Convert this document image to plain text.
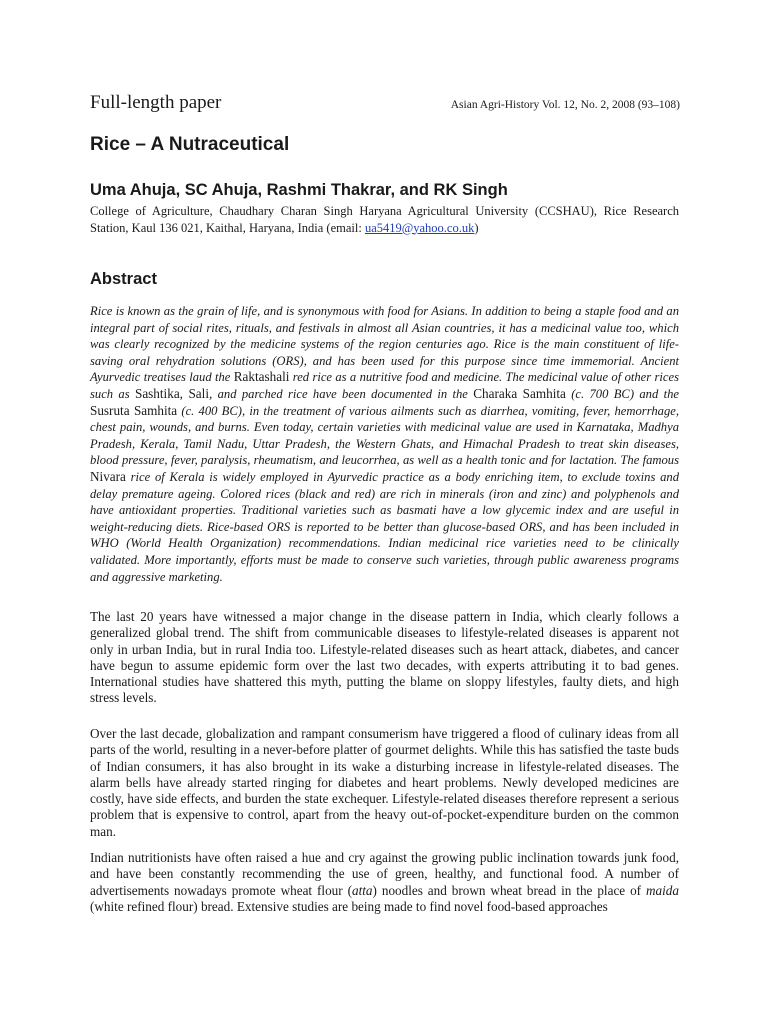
Full-length paper	Asian Agri-History Vol. 12, No. 2, 2008 (93–108)
Rice – A Nutraceutical
Uma Ahuja, SC Ahuja, Rashmi Thakrar, and RK Singh

College of Agriculture, Chaudhary Charan Singh Haryana Agricultural University (CCSHAU), Rice Research Station, Kaul 136 021, Kaithal, Haryana, India (email: ua5419@yahoo.co.uk)

Abstract

Rice is known as the grain of life, and is synonymous with food for Asians. In addition to being a staple food and an integral part of social rites, rituals, and festivals in almost all Asian countries, it has a medicinal value too, which was clearly recognized by the medicine systems of the region centuries ago. Rice is the main constituent of life-saving oral rehydration solutions (ORS), and has been used for this purpose since time immemorial. Ancient Ayurvedic treatises laud the Raktashali red rice as a nutritive food and medicine. The medicinal value of other rices such as Sashtika, Sali, and parched rice have been documented in the Charaka Samhita (c. 700 BC) and the Susruta Samhita (c. 400 BC), in the treatment of various ailments such as diarrhea, vomiting, fever, hemorrhage, chest pain, wounds, and burns. Even today, certain varieties with medicinal value are used in Karnataka, Madhya Pradesh, Kerala, Tamil Nadu, Uttar Pradesh, the Western Ghats, and Himachal Pradesh to treat skin diseases, blood pressure, fever, paralysis, rheumatism, and leucorrhea, as well as a health tonic and for lactation. The famous Nivara rice of Kerala is widely employed in Ayurvedic practice as a body enriching item, to exclude toxins and delay premature ageing. Colored rices (black and red) are rich in minerals (iron and zinc) and polyphenols and have antioxidant properties. Traditional varieties such as basmati have a low glycemic index and are useful in weight-reducing diets. Rice-based ORS is reported to be better than glucose-based ORS, and has been included in WHO (World Health Organization) recommendations. Indian medicinal rice varieties need to be clinically validated. More importantly, efforts must be made to conserve such varieties, through public awareness programs and aggressive marketing.

The last 20 years have witnessed a major change in the disease pattern in India, which clearly follows a generalized global trend. The shift from communicable diseases to lifestyle-related diseases is apparent not only in urban India, but in rural India too. Lifestyle-related diseases such as heart attack, diabetes, and cancer have begun to assume epidemic form over the last two decades, with experts attributing it to bad genes. International studies have shattered this myth, putting the blame on sloppy lifestyles, faulty diets, and high stress levels.

Over the last decade, globalization and rampant consumerism have triggered a flood of culinary ideas from all parts of the world, resulting in a never-before platter of gourmet delights. While this has satisfied the taste buds of Indian consumers, it has also brought in its wake a disturbing increase in lifestyle-related diseases. The alarm bells have already started ringing for diabetes and heart problems. Newly developed medicines are costly, have side effects, and burden the state exchequer. Lifestyle-related diseases therefore represent a serious problem that is expensive to control, apart from the heavy out-of-pocket-expenditure burden on the common man.

Indian nutritionists have often raised a hue and cry against the growing public inclination towards junk food, and have been constantly recommending the use of green, healthy, and functional food. A number of advertisements nowadays promote wheat flour (atta) noodles and brown wheat bread in the place of maida (white refined flour) bread. Extensive studies are being made to find novel food-based approaches
